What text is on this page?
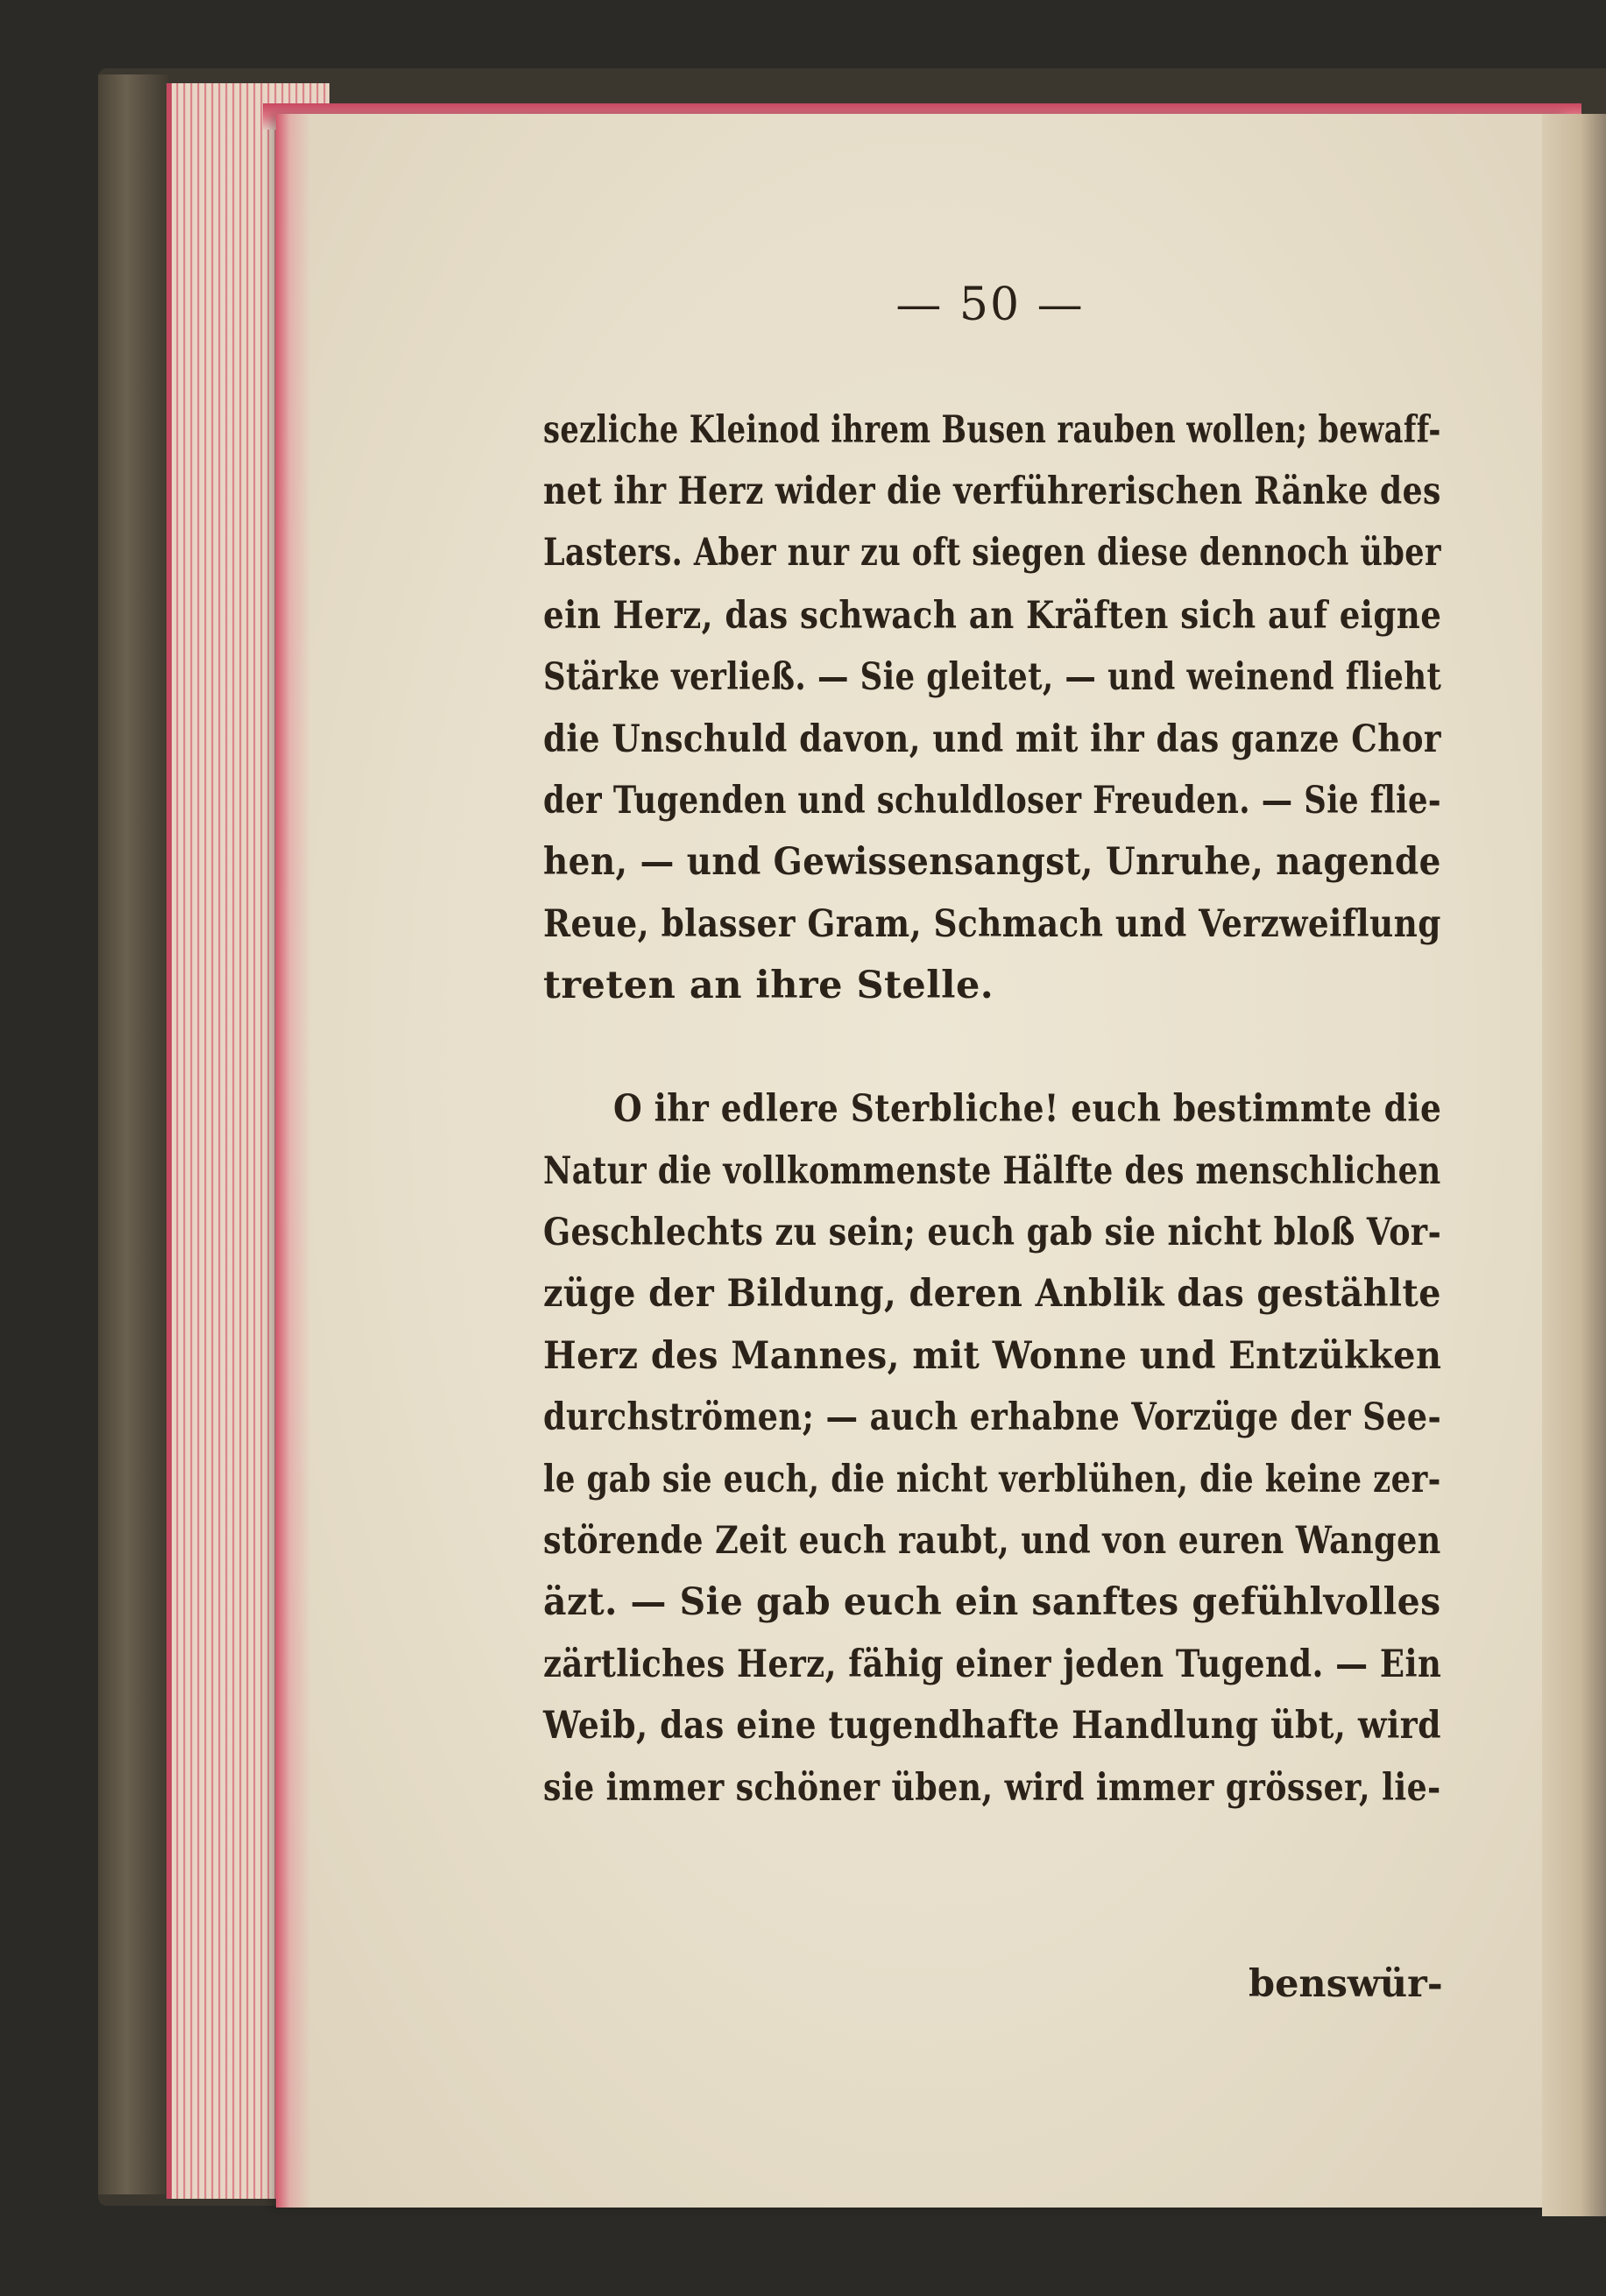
— 50 —
sezliche Kleinod ihrem Busen rauben wollen; bewaff-
net ihr Herz wider die verführerischen Ränke des
Lasters. Aber nur zu oft siegen diese dennoch über
ein Herz, das schwach an Kräften sich auf eigne
Stärke verließ. — Sie gleitet, — und weinend flieht
die Unschuld davon, und mit ihr das ganze Chor
der Tugenden und schuldloser Freuden. — Sie flie-
hen, — und Gewissensangst, Unruhe, nagende
Reue, blasser Gram, Schmach und Verzweiflung
treten an ihre Stelle.
O ihr edlere Sterbliche! euch bestimmte die
Natur die vollkommenste Hälfte des menschlichen
Geschlechts zu sein; euch gab sie nicht bloß Vor-
züge der Bildung, deren Anblik das gestählte
Herz des Mannes, mit Wonne und Entzükken
durchströmen; — auch erhabne Vorzüge der See-
le gab sie euch, die nicht verblühen, die keine zer-
störende Zeit euch raubt, und von euren Wangen
äzt. — Sie gab euch ein sanftes gefühlvolles
zärtliches Herz, fähig einer jeden Tugend. — Ein
Weib, das eine tugendhafte Handlung übt, wird
sie immer schöner üben, wird immer grösser, lie-
benswür-
